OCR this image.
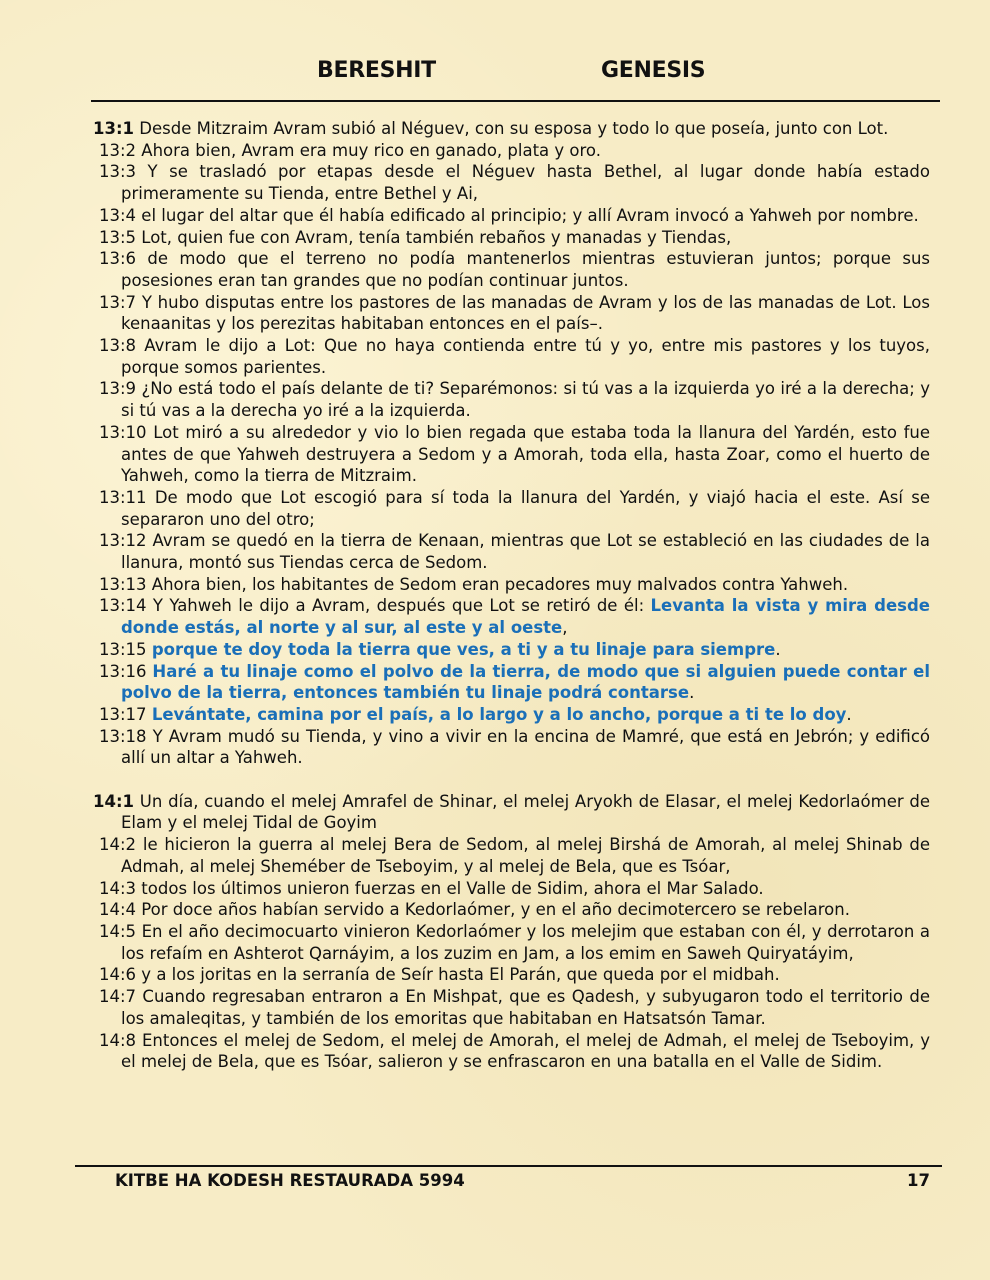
BERESHIT	GENESIS
13:1 Desde Mitzraim Avram subió al Néguev, con su esposa y todo lo que poseía, junto con Lot.
13:2 Ahora bien, Avram era muy rico en ganado, plata y oro.
13:3 Y se trasladó por etapas desde el Néguev hasta Bethel, al lugar donde había estado primeramente su Tienda, entre Bethel y Ai,
13:4 el lugar del altar que él había edificado al principio; y allí Avram invocó a Yahweh por nombre.
13:5 Lot, quien fue con Avram, tenía también rebaños y manadas y Tiendas,
13:6 de modo que el terreno no podía mantenerlos mientras estuvieran juntos; porque sus posesiones eran tan grandes que no podían continuar juntos.
13:7 Y hubo disputas entre los pastores de las manadas de Avram y los de las manadas de Lot. Los kenaanitas y los perezitas habitaban entonces en el país–.
13:8 Avram le dijo a Lot: Que no haya contienda entre tú y yo, entre mis pastores y los tuyos, porque somos parientes.
13:9 ¿No está todo el país delante de ti? Separémonos: si tú vas a la izquierda yo iré a la derecha; y si tú vas a la derecha yo iré a la izquierda.
13:10 Lot miró a su alrededor y vio lo bien regada que estaba toda la llanura del Yardén, esto fue antes de que Yahweh destruyera a Sedom y a Amorah, toda ella, hasta Zoar, como el huerto de Yahweh, como la tierra de Mitzraim.
13:11 De modo que Lot escogió para sí toda la llanura del Yardén, y viajó hacia el este. Así se separaron uno del otro;
13:12 Avram se quedó en la tierra de Kenaan, mientras que Lot se estableció en las ciudades de la llanura, montó sus Tiendas cerca de Sedom.
13:13 Ahora bien, los habitantes de Sedom eran pecadores muy malvados contra Yahweh.
13:14 Y Yahweh le dijo a Avram, después que Lot se retiró de él: Levanta la vista y mira desde donde estás, al norte y al sur, al este y al oeste,
13:15 porque te doy toda la tierra que ves, a ti y a tu linaje para siempre.
13:16 Haré a tu linaje como el polvo de la tierra, de modo que si alguien puede contar el polvo de la tierra, entonces también tu linaje podrá contarse.
13:17 Levántate, camina por el país, a lo largo y a lo ancho, porque a ti te lo doy.
13:18 Y Avram mudó su Tienda, y vino a vivir en la encina de Mamré, que está en Jebrón; y edificó allí un altar a Yahweh.
14:1 Un día, cuando el melej Amrafel de Shinar, el melej Aryokh de Elasar, el melej Kedorlaómer de Elam y el melej Tidal de Goyim
14:2 le hicieron la guerra al melej Bera de Sedom, al melej Birshá de Amorah, al melej Shinab de Admah, al melej Sheméber de Tseboyim, y al melej de Bela, que es Tsóar,
14:3 todos los últimos unieron fuerzas en el Valle de Sidim, ahora el Mar Salado.
14:4 Por doce años habían servido a Kedorlaómer, y en el año decimotercero se rebelaron.
14:5 En el año decimocuarto vinieron Kedorlaómer y los melejim que estaban con él, y derrotaron a los refaím en Ashterot Qarnáyim, a los zuzim en Jam, a los emim en Saweh Quiryatáyim,
14:6 y a los joritas en la serranía de Seír hasta El Parán, que queda por el midbah.
14:7 Cuando regresaban entraron a En Mishpat, que es Qadesh, y subyugaron todo el territorio de los amaleqitas, y también de los emoritas que habitaban en Hatsatsón Tamar.
14:8 Entonces el melej de Sedom, el melej de Amorah, el melej de Admah, el melej de Tseboyim, y el melej de Bela, que es Tsóar, salieron y se enfrascaron en una batalla en el Valle de Sidim.
KITBE HA KODESH RESTAURADA 5994	17
